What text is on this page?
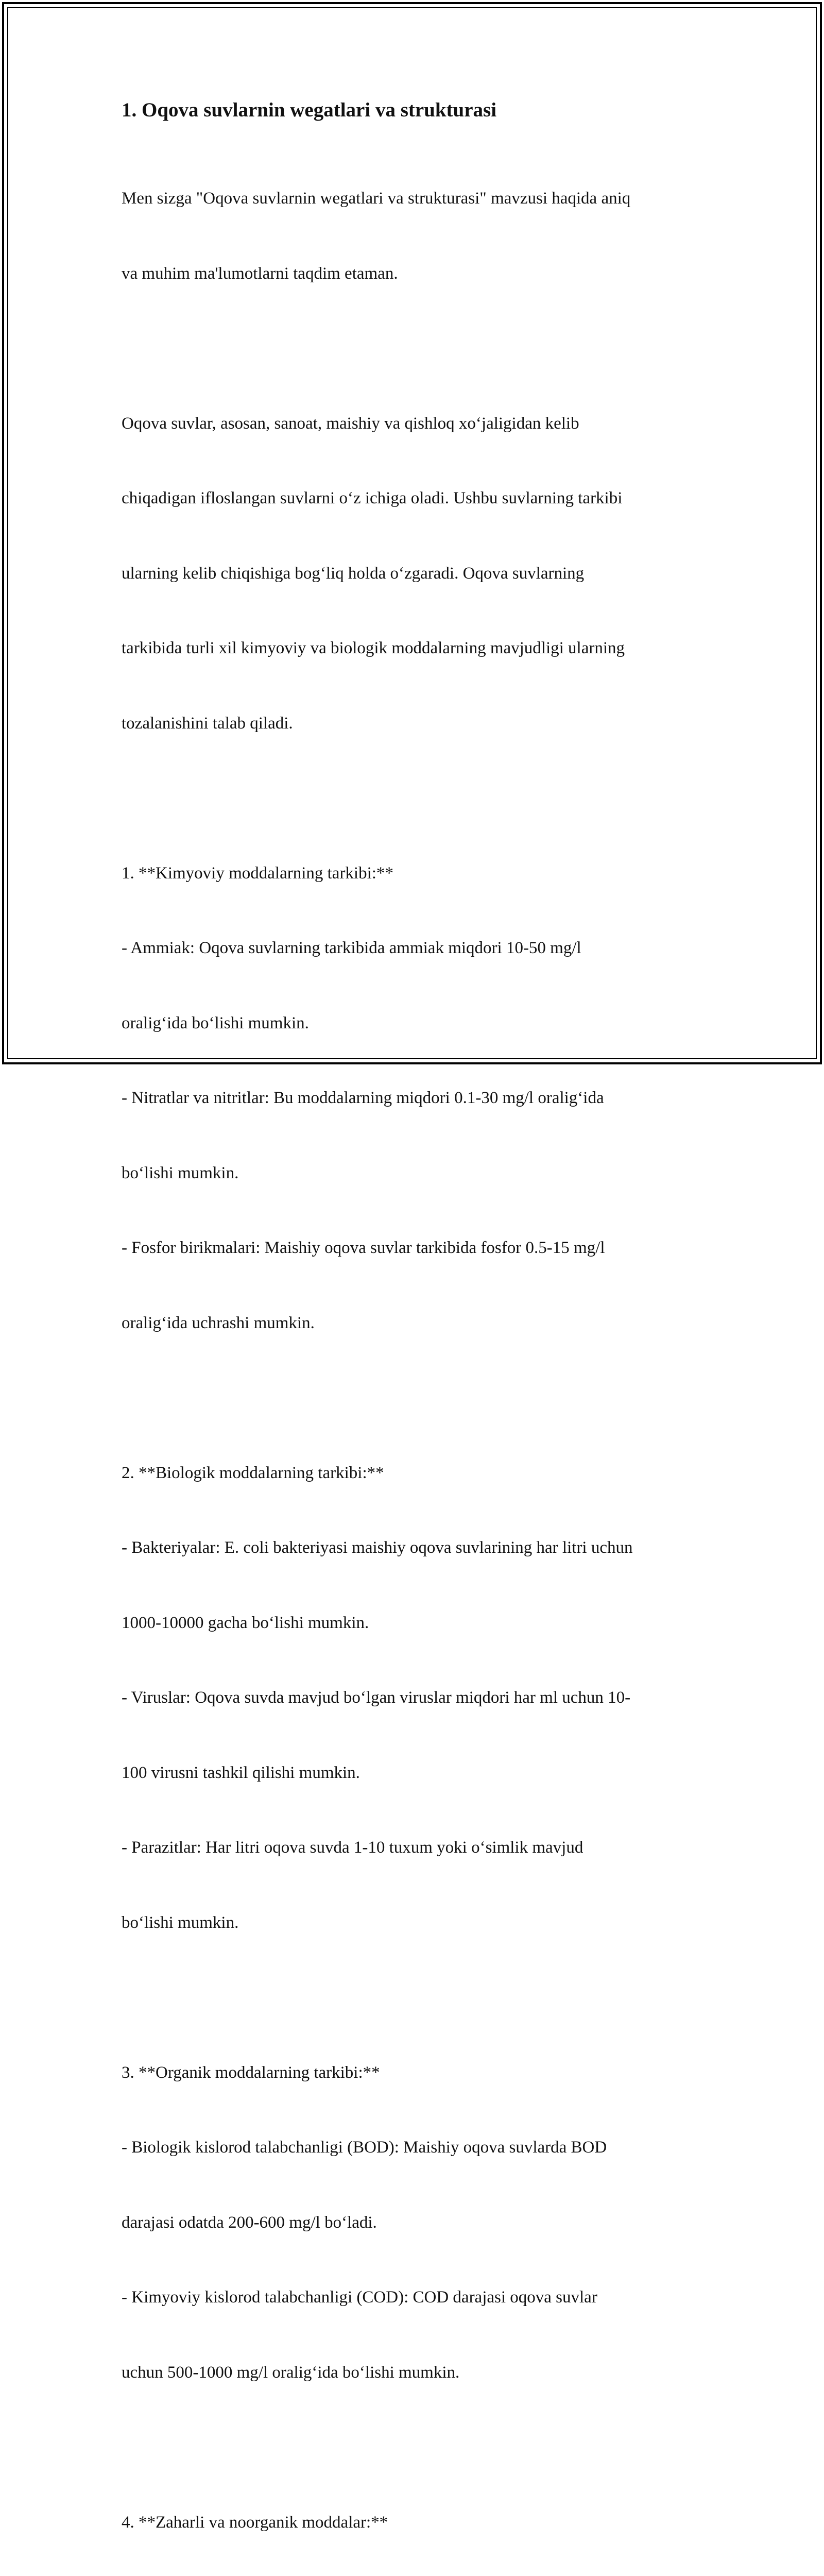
1. Oqova suvlarnin wegatlari va strukturasi

Men sizga "Oqova suvlarnin wegatlari va strukturasi" mavzusi haqida aniq

va muhim ma'lumotlarni taqdim etaman.

Oqova suvlar, asosan, sanoat, maishiy va qishloq xo‘jaligidan kelib

chiqadigan ifloslangan suvlarni o‘z ichiga oladi. Ushbu suvlarning tarkibi

ularning kelib chiqishiga bog‘liq holda o‘zgaradi. Oqova suvlarning

tarkibida turli xil kimyoviy va biologik moddalarning mavjudligi ularning

tozalanishini talab qiladi.

1. **Kimyoviy moddalarning tarkibi:**

- Ammiak: Oqova suvlarning tarkibida ammiak miqdori 10-50 mg/l

oralig‘ida bo‘lishi mumkin.

- Nitratlar va nitritlar: Bu moddalarning miqdori 0.1-30 mg/l oralig‘ida

bo‘lishi mumkin.

- Fosfor birikmalari: Maishiy oqova suvlar tarkibida fosfor 0.5-15 mg/l

oralig‘ida uchrashi mumkin.

2. **Biologik moddalarning tarkibi:**

- Bakteriyalar: E. coli bakteriyasi maishiy oqova suvlarining har litri uchun

1000-10000 gacha bo‘lishi mumkin.

- Viruslar: Oqova suvda mavjud bo‘lgan viruslar miqdori har ml uchun 10-

100 virusni tashkil qilishi mumkin.

- Parazitlar: Har litri oqova suvda 1-10 tuxum yoki o‘simlik mavjud

bo‘lishi mumkin.

3. **Organik moddalarning tarkibi:**

- Biologik kislorod talabchanligi (BOD): Maishiy oqova suvlarda BOD

darajasi odatda 200-600 mg/l bo‘ladi.

- Kimyoviy kislorod talabchanligi (COD): COD darajasi oqova suvlar

uchun 500-1000 mg/l oralig‘ida bo‘lishi mumkin.

4. **Zaharli va noorganik moddalar:**
